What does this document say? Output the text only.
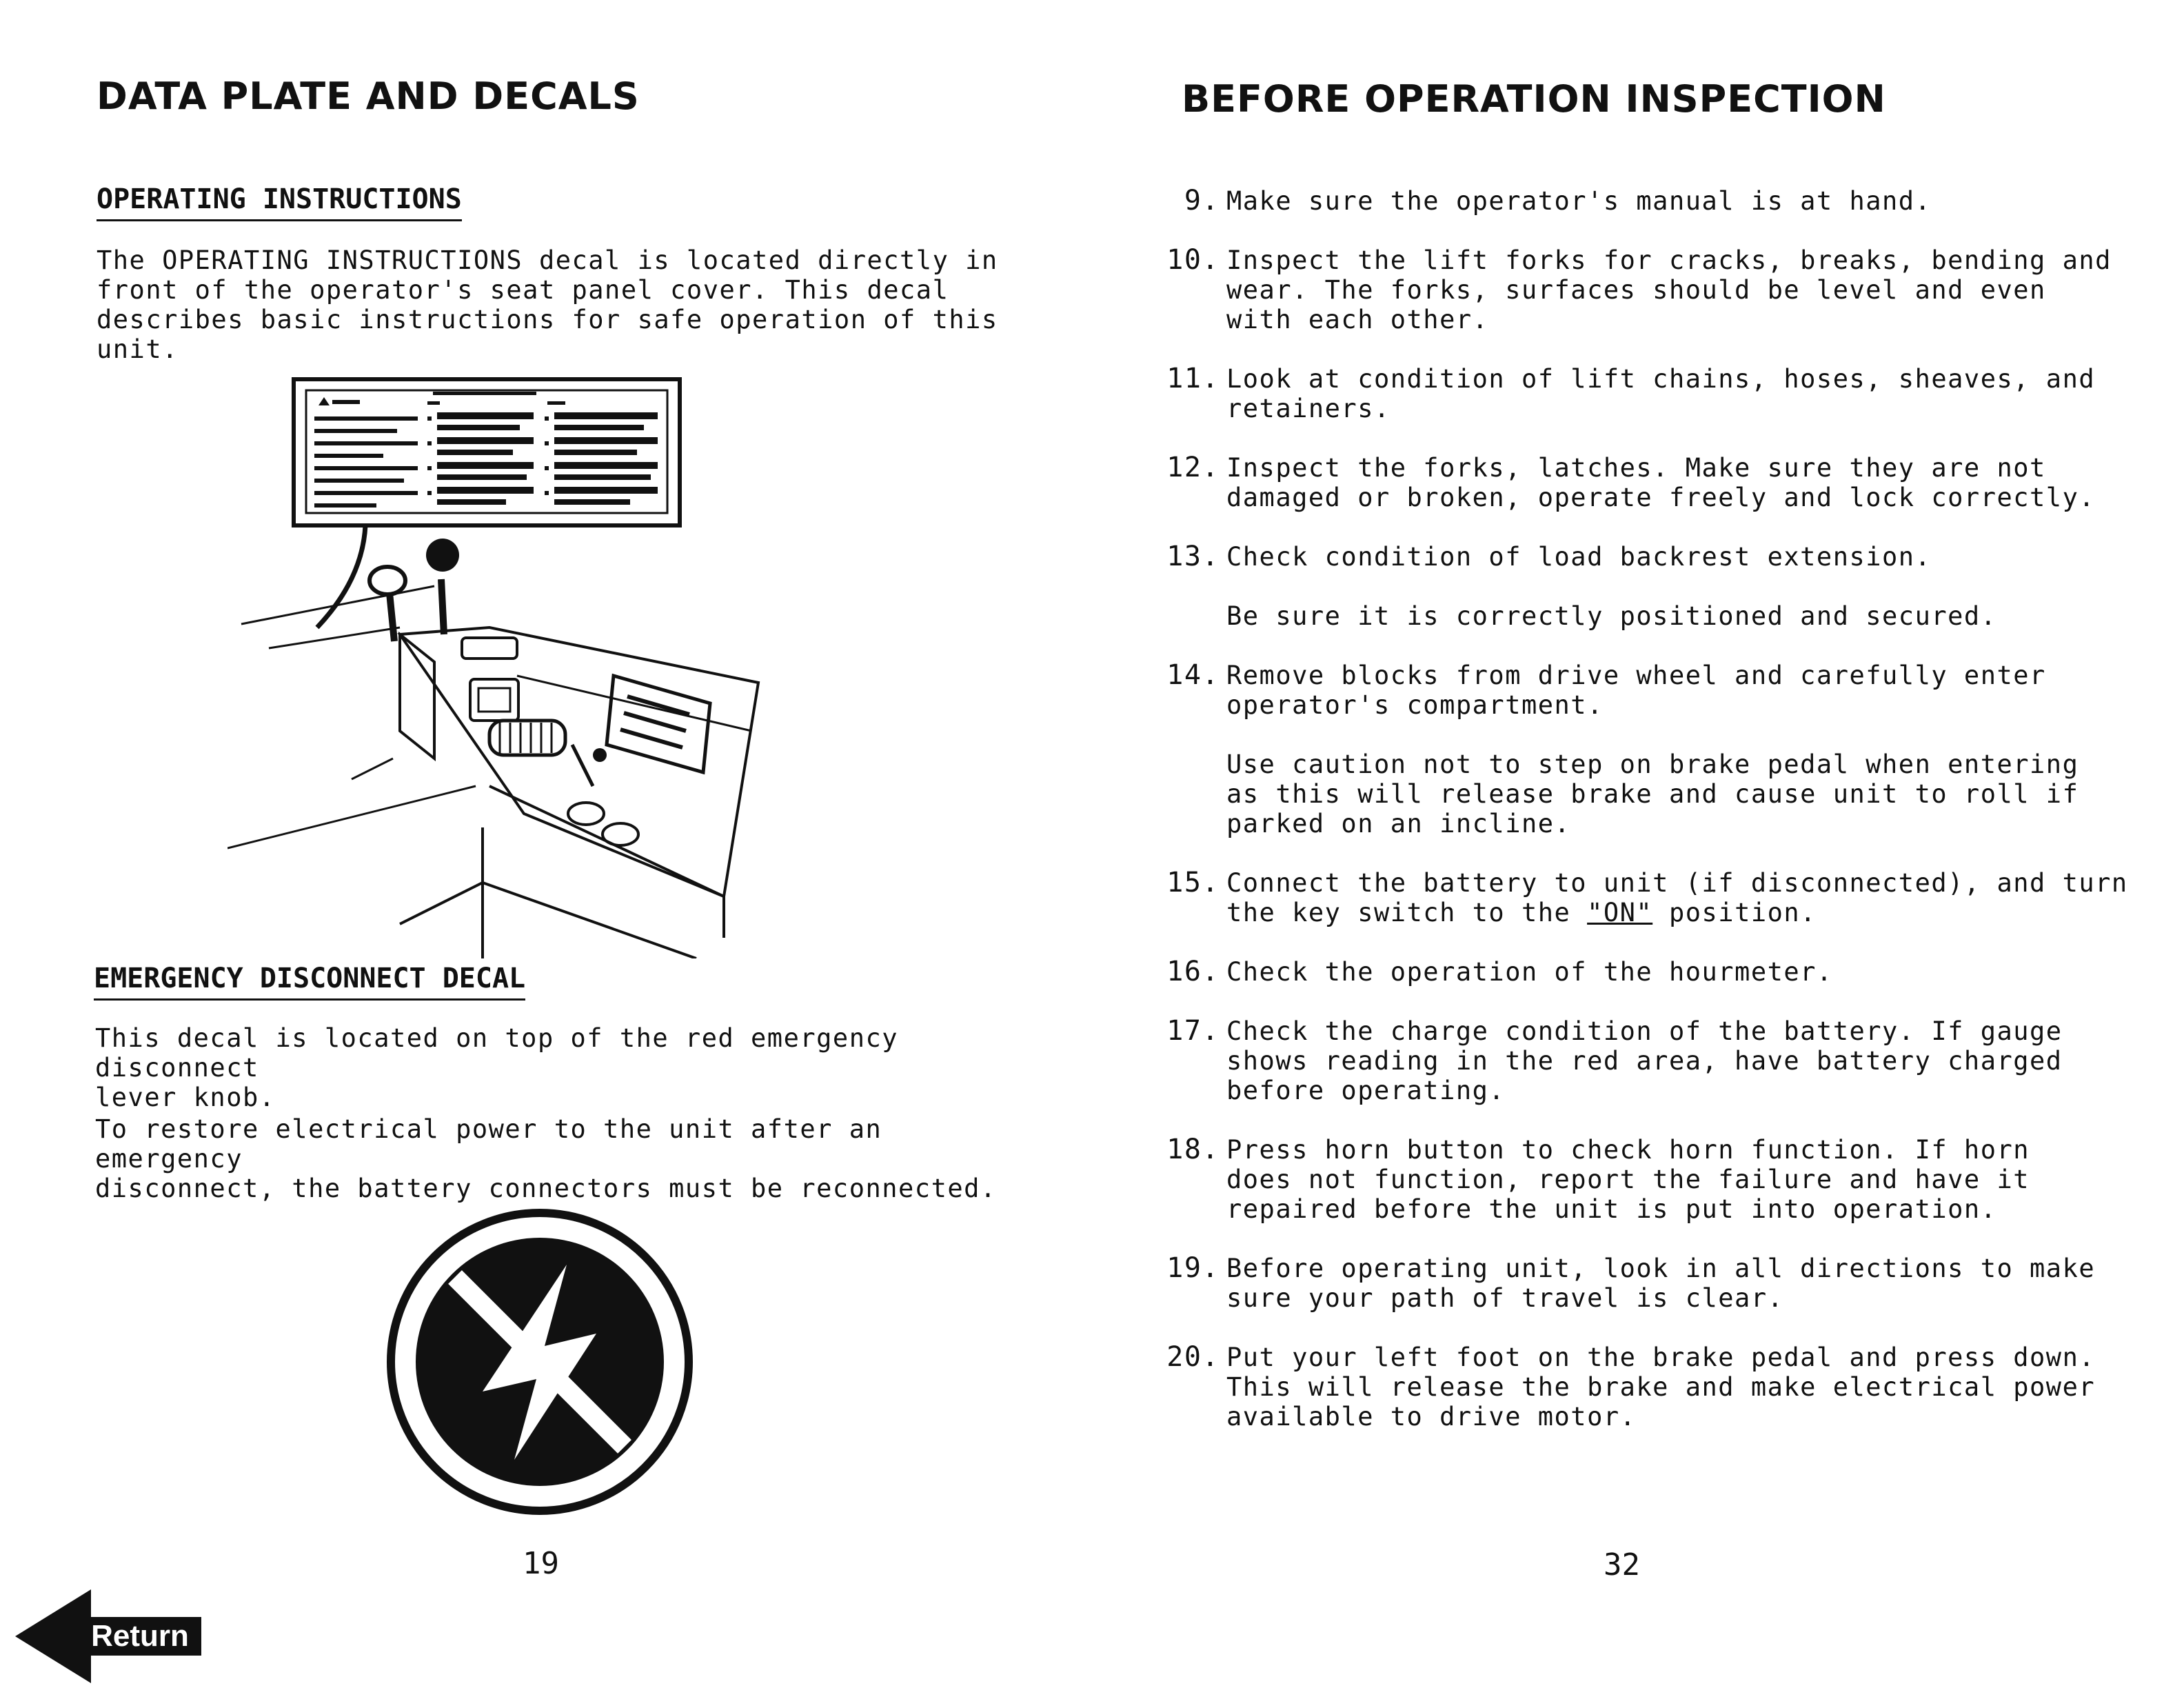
DATA PLATE AND DECALS
OPERATING INSTRUCTIONS

The OPERATING INSTRUCTIONS decal is located directly in
front of the operator's seat panel cover. This decal
describes basic instructions for safe operation of this unit.

EMERGENCY DISCONNECT DECAL

This decal is located on top of the red emergency disconnect
lever knob.

To restore electrical power to the unit after an emergency
disconnect, the battery connectors must be reconnected.

19
Return
BEFORE OPERATION INSPECTION
9. Make sure the operator's manual is at hand.
10. Inspect the lift forks for cracks, breaks, bending and
wear. The forks, surfaces should be level and even
with each other.
11. Look at condition of lift chains, hoses, sheaves, and
retainers.
12. Inspect the forks, latches. Make sure they are not
damaged or broken, operate freely and lock correctly.
13. Check condition of load backrest extension.
Be sure it is correctly positioned and secured.
14. Remove blocks from drive wheel and carefully enter
operator's compartment.
Use caution not to step on brake pedal when entering
as this will release brake and cause unit to roll if
parked on an incline.
15. Connect the battery to unit (if disconnected), and turn
the key switch to the "ON" position.
16. Check the operation of the hourmeter.
17. Check the charge condition of the battery. If gauge
shows reading in the red area, have battery charged
before operating.
18. Press horn button to check horn function. If horn
does not function, report the failure and have it
repaired before the unit is put into operation.
19. Before operating unit, look in all directions to make
sure your path of travel is clear.
20. Put your left foot on the brake pedal and press down.
This will release the brake and make electrical power
available to drive motor.
32
